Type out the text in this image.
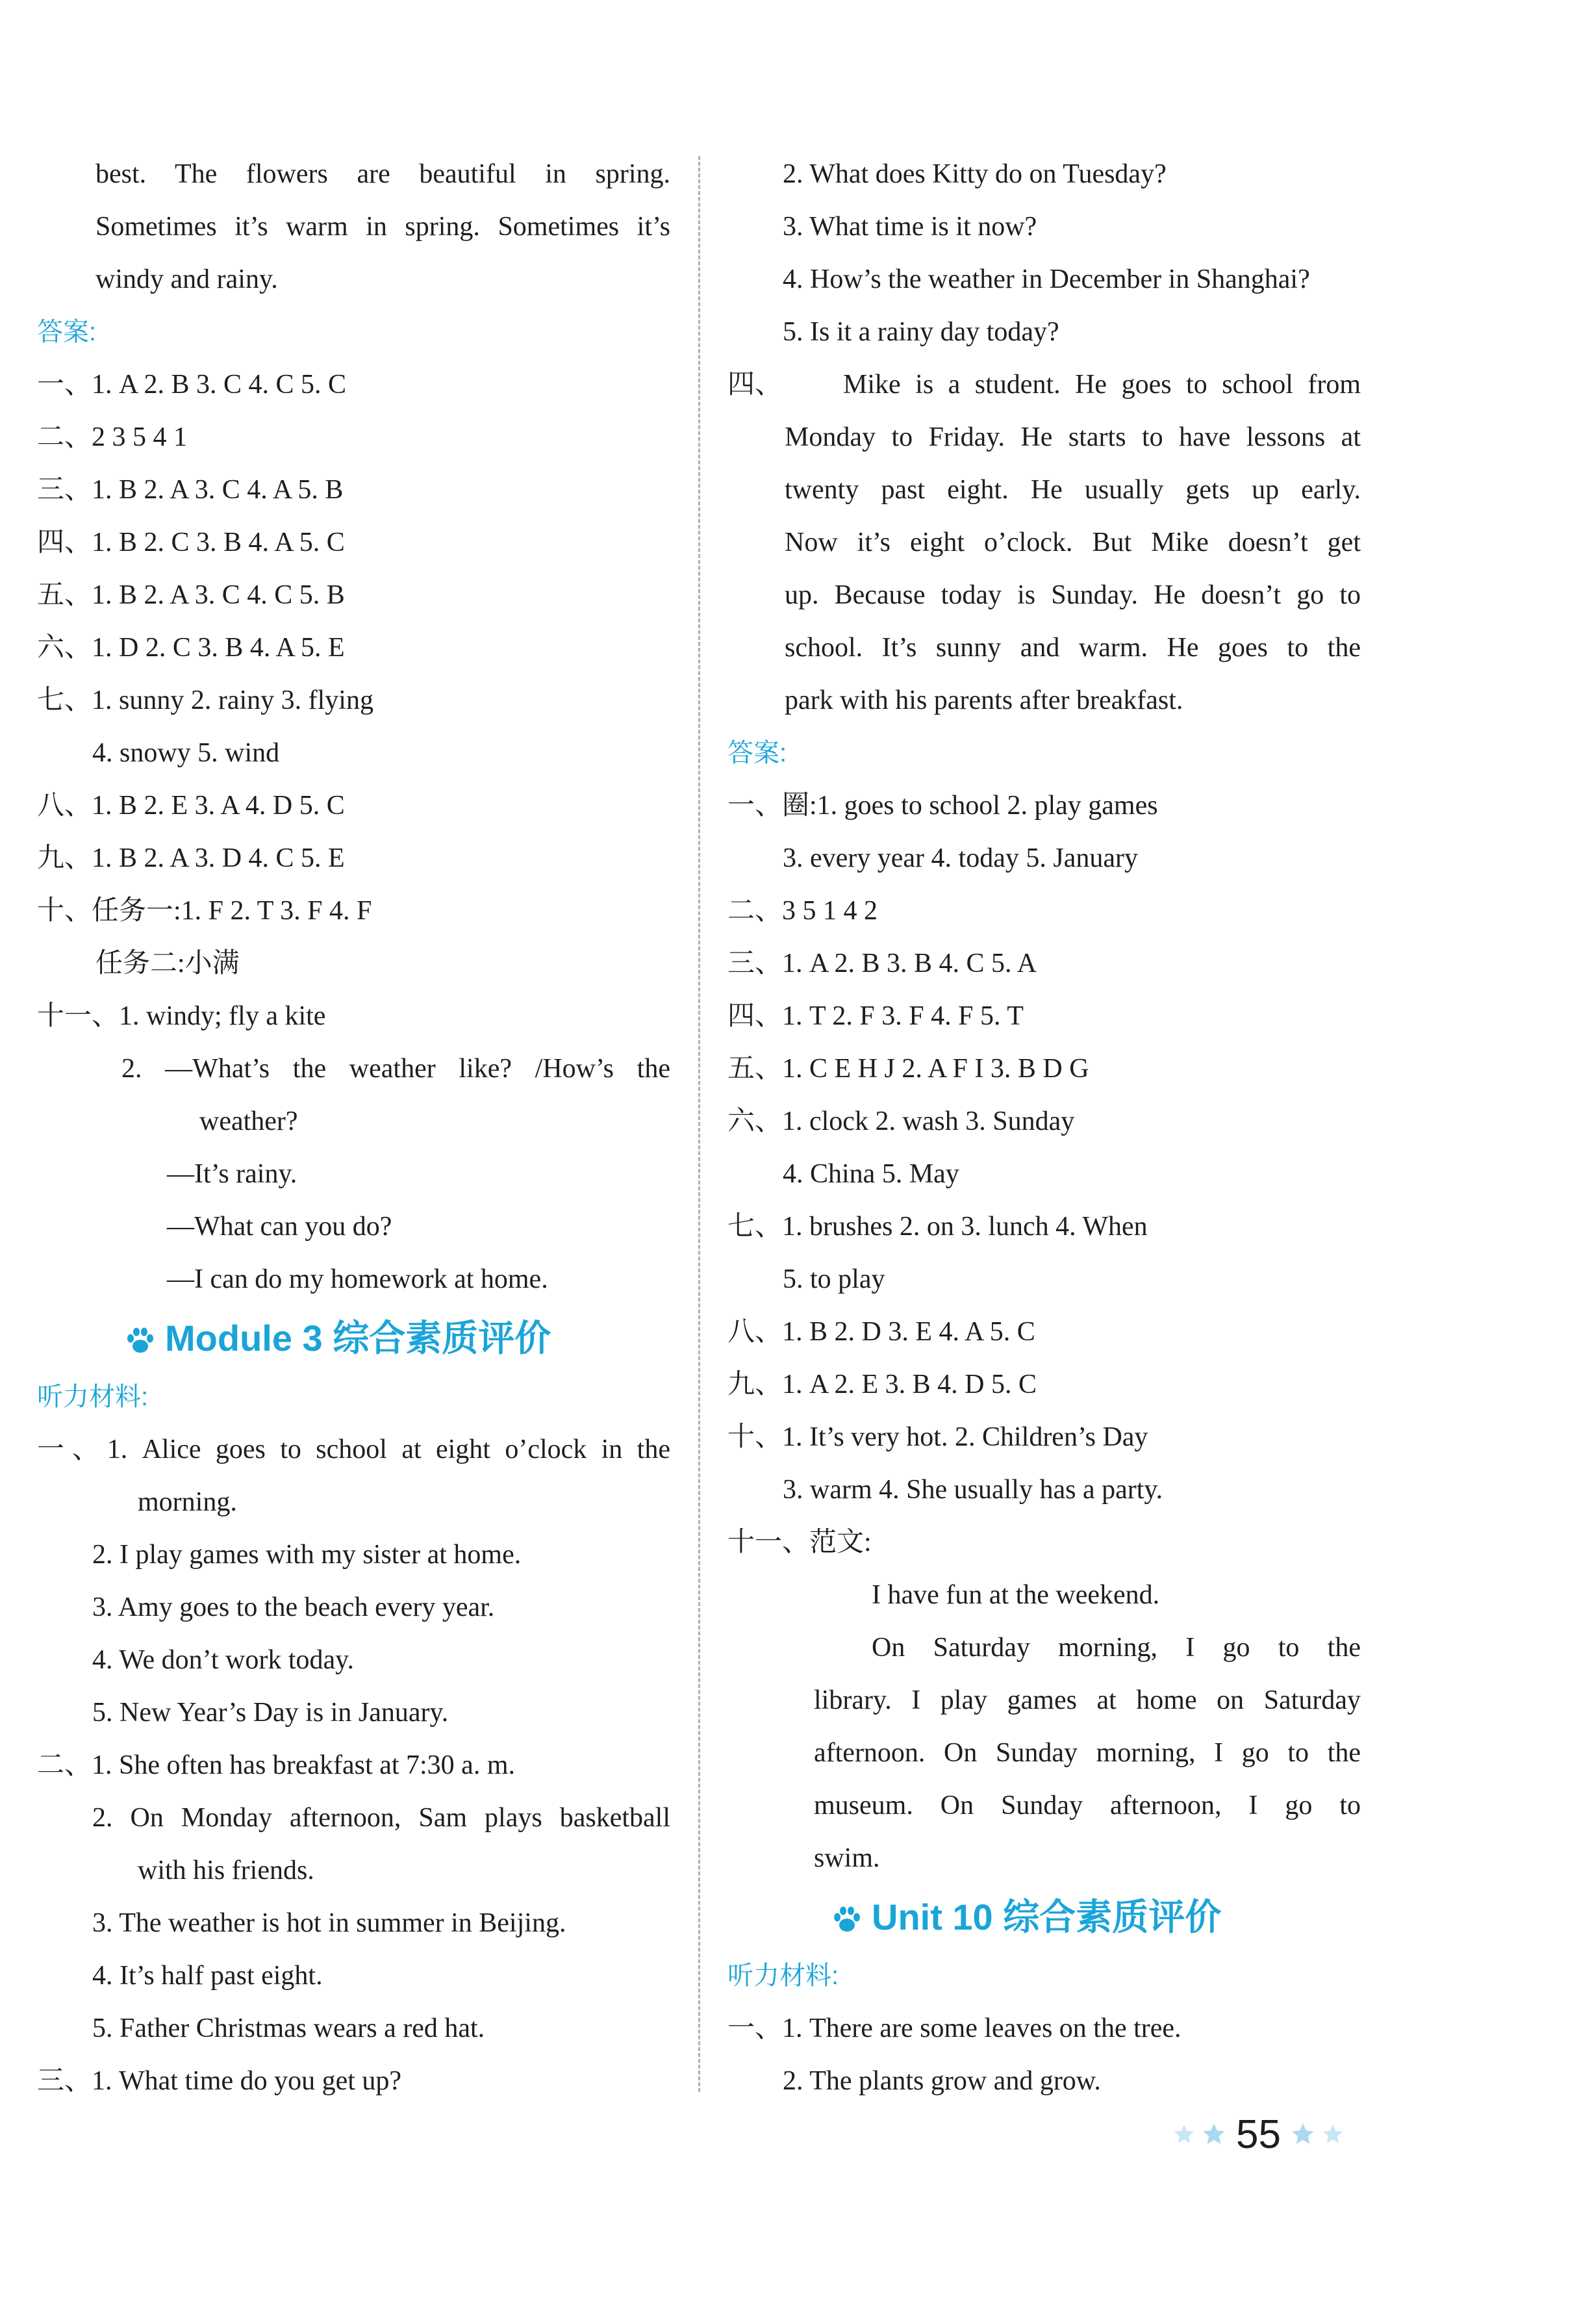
best. The flowers are beautiful in spring.
Sometimes it’s warm in spring. Sometimes it’s
windy and rainy.
答案:
一、1. A 2. B 3. C 4. C 5. C
二、2 3 5 4 1
三、1. B 2. A 3. C 4. A 5. B
四、1. B 2. C 3. B 4. A 5. C
五、1. B 2. A 3. C 4. C 5. B
六、1. D 2. C 3. B 4. A 5. E
七、1. sunny 2. rainy 3. flying
4. snowy 5. wind
八、1. B 2. E 3. A 4. D 5. C
九、1. B 2. A 3. D 4. C 5. E
十、任务一:1. F 2. T 3. F 4. F
任务二:小满
十一、1. windy; fly a kite
2. —What’s the weather like? /How’s the
weather?
—It’s rainy.
—What can you do?
—I can do my homework at home.
Module 3 综合素质评价
听力材料:
一、1. Alice goes to school at eight o’clock in the
morning.
2. I play games with my sister at home.
3. Amy goes to the beach every year.
4. We don’t work today.
5. New Year’s Day is in January.
二、1. She often has breakfast at 7:30 a. m.
2. On Monday afternoon, Sam plays basketball
with his friends.
3. The weather is hot in summer in Beijing.
4. It’s half past eight.
5. Father Christmas wears a red hat.
三、1. What time do you get up?
2. What does Kitty do on Tuesday?
3. What time is it now?
4. How’s the weather in December in Shanghai?
5. Is it a rainy day today?
四、 Mike is a student. He goes to school from
Monday to Friday. He starts to have lessons at
twenty past eight. He usually gets up early.
Now it’s eight o’clock. But Mike doesn’t get
up. Because today is Sunday. He doesn’t go to
school. It’s sunny and warm. He goes to the
park with his parents after breakfast.
答案:
一、圈:1. goes to school 2. play games
3. every year 4. today 5. January
二、3 5 1 4 2
三、1. A 2. B 3. B 4. C 5. A
四、1. T 2. F 3. F 4. F 5. T
五、1. C E H J 2. A F I 3. B D G
六、1. clock 2. wash 3. Sunday
4. China 5. May
七、1. brushes 2. on 3. lunch 4. When
5. to play
八、1. B 2. D 3. E 4. A 5. C
九、1. A 2. E 3. B 4. D 5. C
十、1. It’s very hot. 2. Children’s Day
3. warm 4. She usually has a party.
十一、范文:
I have fun at the weekend.
On Saturday morning, I go to the
library. I play games at home on Saturday
afternoon. On Sunday morning, I go to the
museum. On Sunday afternoon, I go to
swim.
Unit 10 综合素质评价
听力材料:
一、1. There are some leaves on the tree.
2. The plants grow and grow.
55
